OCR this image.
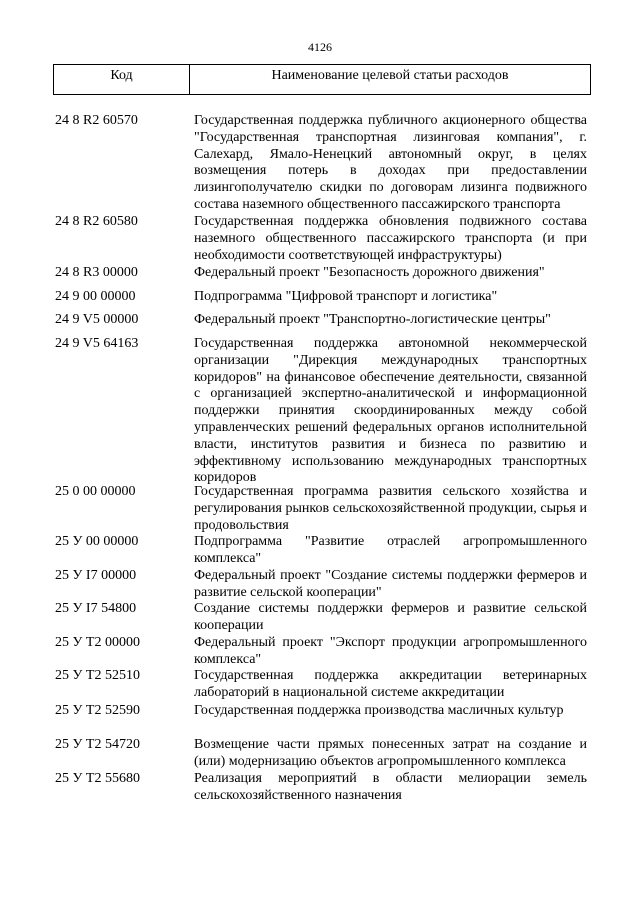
4126
Код	Наименование целевой статьи расходов
24 8 R2 60570	Государственная поддержка публичного акционерного общества "Государственная транспортная лизинговая компания", г. Салехард, Ямало-Ненецкий автономный округ, в целях возмещения потерь в доходах при предоставлении лизингополучателю скидки по договорам лизинга подвижного состава наземного общественного пассажирского транспорта
24 8 R2 60580	Государственная поддержка обновления подвижного состава наземного общественного пассажирского транспорта (и при необходимости соответствующей инфраструктуры)
24 8 R3 00000	Федеральный проект "Безопасность дорожного движения"
24 9 00 00000	Подпрограмма "Цифровой транспорт и логистика"
24 9 V5 00000	Федеральный проект "Транспортно-логистические центры"
24 9 V5 64163	Государственная поддержка автономной некоммерческой организации "Дирекция международных транспортных коридоров" на финансовое обеспечение деятельности, связанной с организацией экспертно-аналитической и информационной поддержки принятия скоординированных между собой управленческих решений федеральных органов исполнительной власти, институтов развития и бизнеса по развитию и эффективному использованию международных транспортных коридоров
25 0 00 00000	Государственная программа развития сельского хозяйства и регулирования рынков сельскохозяйственной продукции, сырья и продовольствия
25 У 00 00000	Подпрограмма "Развитие отраслей агропромышленного комплекса"
25 У I7 00000	Федеральный проект "Создание системы поддержки фермеров и развитие сельской кооперации"
25 У I7 54800	Создание системы поддержки фермеров и развитие сельской кооперации
25 У Т2 00000	Федеральный проект "Экспорт продукции агропромышленного комплекса"
25 У Т2 52510	Государственная поддержка аккредитации ветеринарных лабораторий в национальной системе аккредитации
25 У Т2 52590	Государственная поддержка производства масличных культур
25 У Т2 54720	Возмещение части прямых понесенных затрат на создание и (или) модернизацию объектов агропромышленного комплекса
25 У Т2 55680	Реализация мероприятий в области мелиорации земель сельскохозяйственного назначения
